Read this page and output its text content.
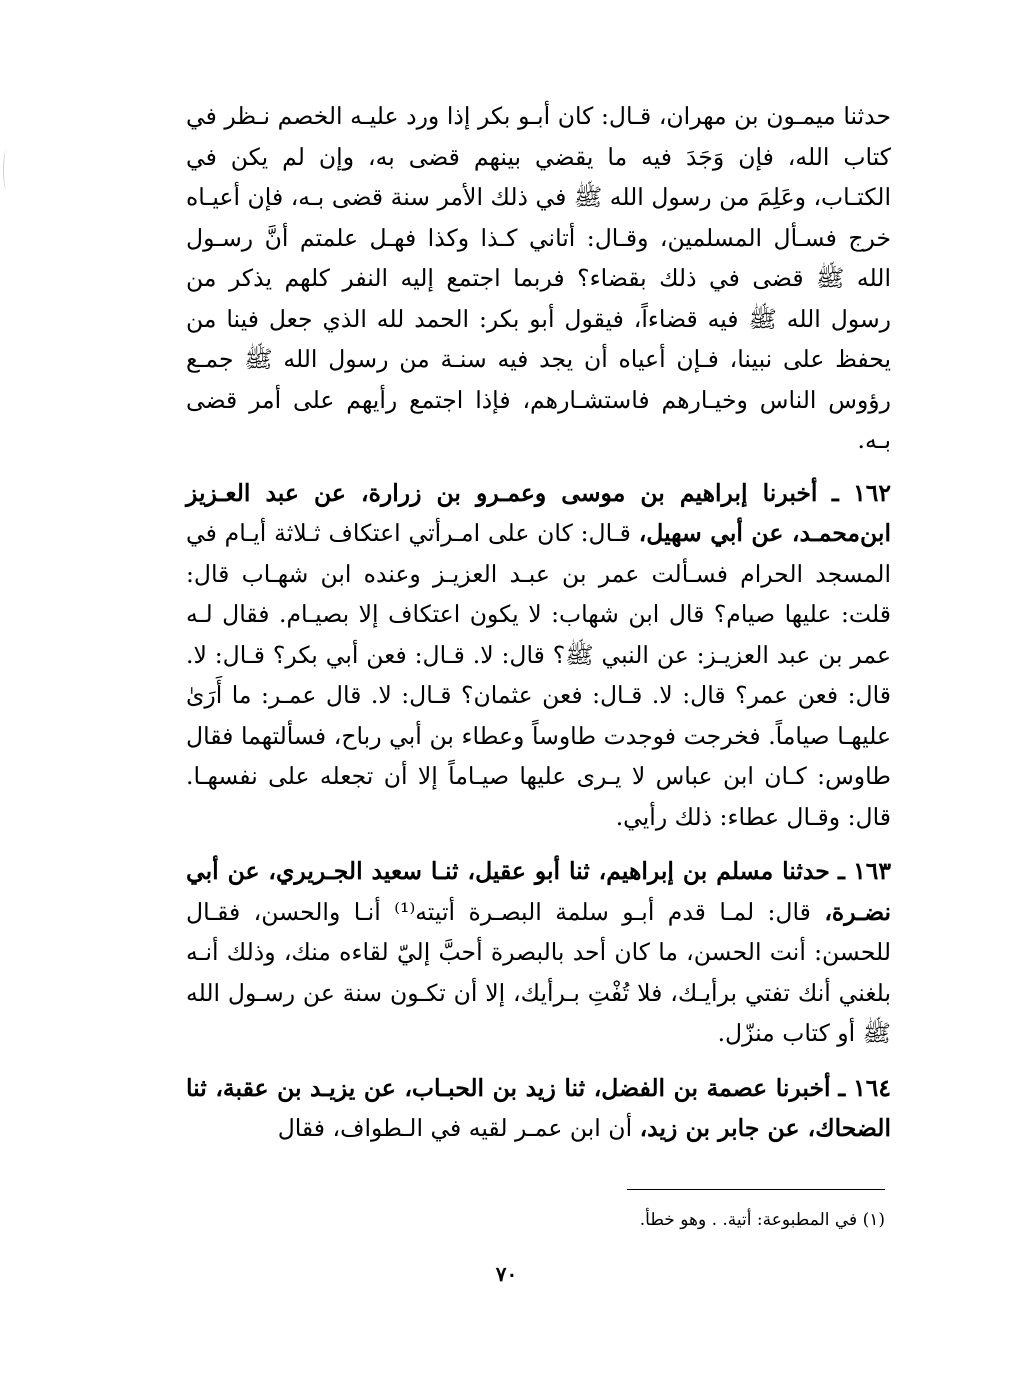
حدثنا ميمـون بن مهران، قـال: كان أبـو بكر إذا ورد عليـه الخصم نـظر في كتاب الله، فإن وَجَدَ فيه ما يقضي بينهم قضى به، وإن لم يكن في الكتـاب، وعَلِمَ من رسول الله ﷺ في ذلك الأمر سنة قضى بـه، فإن أعيـاه خرج فسـأل المسلمين، وقـال: أتاني كـذا وكذا فهـل علمتم أنَّ رسـول الله ﷺ قضى في ذلك بقضاء؟ فربما اجتمع إليه النفر كلهم يذكر من رسول الله ﷺ فيه قضاءاً، فيقول أبو بكر: الحمد لله الذي جعل فينا من يحفظ على نبينا، فـإن أعياه أن يجد فيه سنـة من رسول الله ﷺ جمـع رؤوس الناس وخيـارهم فاستشـارهم، فإذا اجتمع رأيهم على أمر قضى بـه.

١٦٢ ـ أخبرنا إبراهيم بن موسى وعمـرو بن زرارة، عن عبد العـزيز ابن‌محمـد، عن أبي سهيل، قـال: كان على امـرأتي اعتكاف ثـلاثة أيـام في المسجد الحرام فسـألت عمر بن عبـد العزيـز وعنده ابن شهـاب قال: قلت: عليها صيام؟ قال ابن شهاب: لا يكون اعتكاف إلا بصيـام. فقال لـه عمر بن عبد العزيـز: عن النبي ﷺ؟ قال: لا. قـال: فعن أبي بكر؟ قـال: لا. قال: فعن عمر؟ قال: لا. قـال: فعن عثمان؟ قـال: لا. قال عمـر: ما أَرَىٰ عليهـا صياماً. فخرجت فوجدت طاوساً وعطاء بن أبي رباح، فسألتهما فقال طاوس: كـان ابن عباس لا يـرى عليها صيـاماً إلا أن تجعله على نفسهـا. قال: وقـال عطاء: ذلك رأيي.

١٦٣ ـ حدثنا مسلم بن إبراهيم، ثنا أبو عقيل، ثنـا سعيد الجـريري، عن أبي نضـرة، قال: لمـا قدم أبـو سلمة البصـرة أتيته⁽¹⁾ أنـا والحسن، فقـال للحسن: أنت الحسن، ما كان أحد بالبصرة أحبَّ إليّ لقاءه منك، وذلك أنـه بلغني أنك تفتي برأيـك، فلا تُفْتِ بـرأيك، إلا أن تكـون سنة عن رسـول الله ﷺ أو كتاب منزّل.

١٦٤ ـ أخبرنا عصمة بن الفضل، ثنا زيد بن الحبـاب، عن يزيـد بن عقبة، ثنا الضحاك، عن جابر بن زيد، أن ابن عمـر لقيه في الـطواف، فقال

(١) في المطبوعة: أتية. . وهو خطأ.
٧٠
